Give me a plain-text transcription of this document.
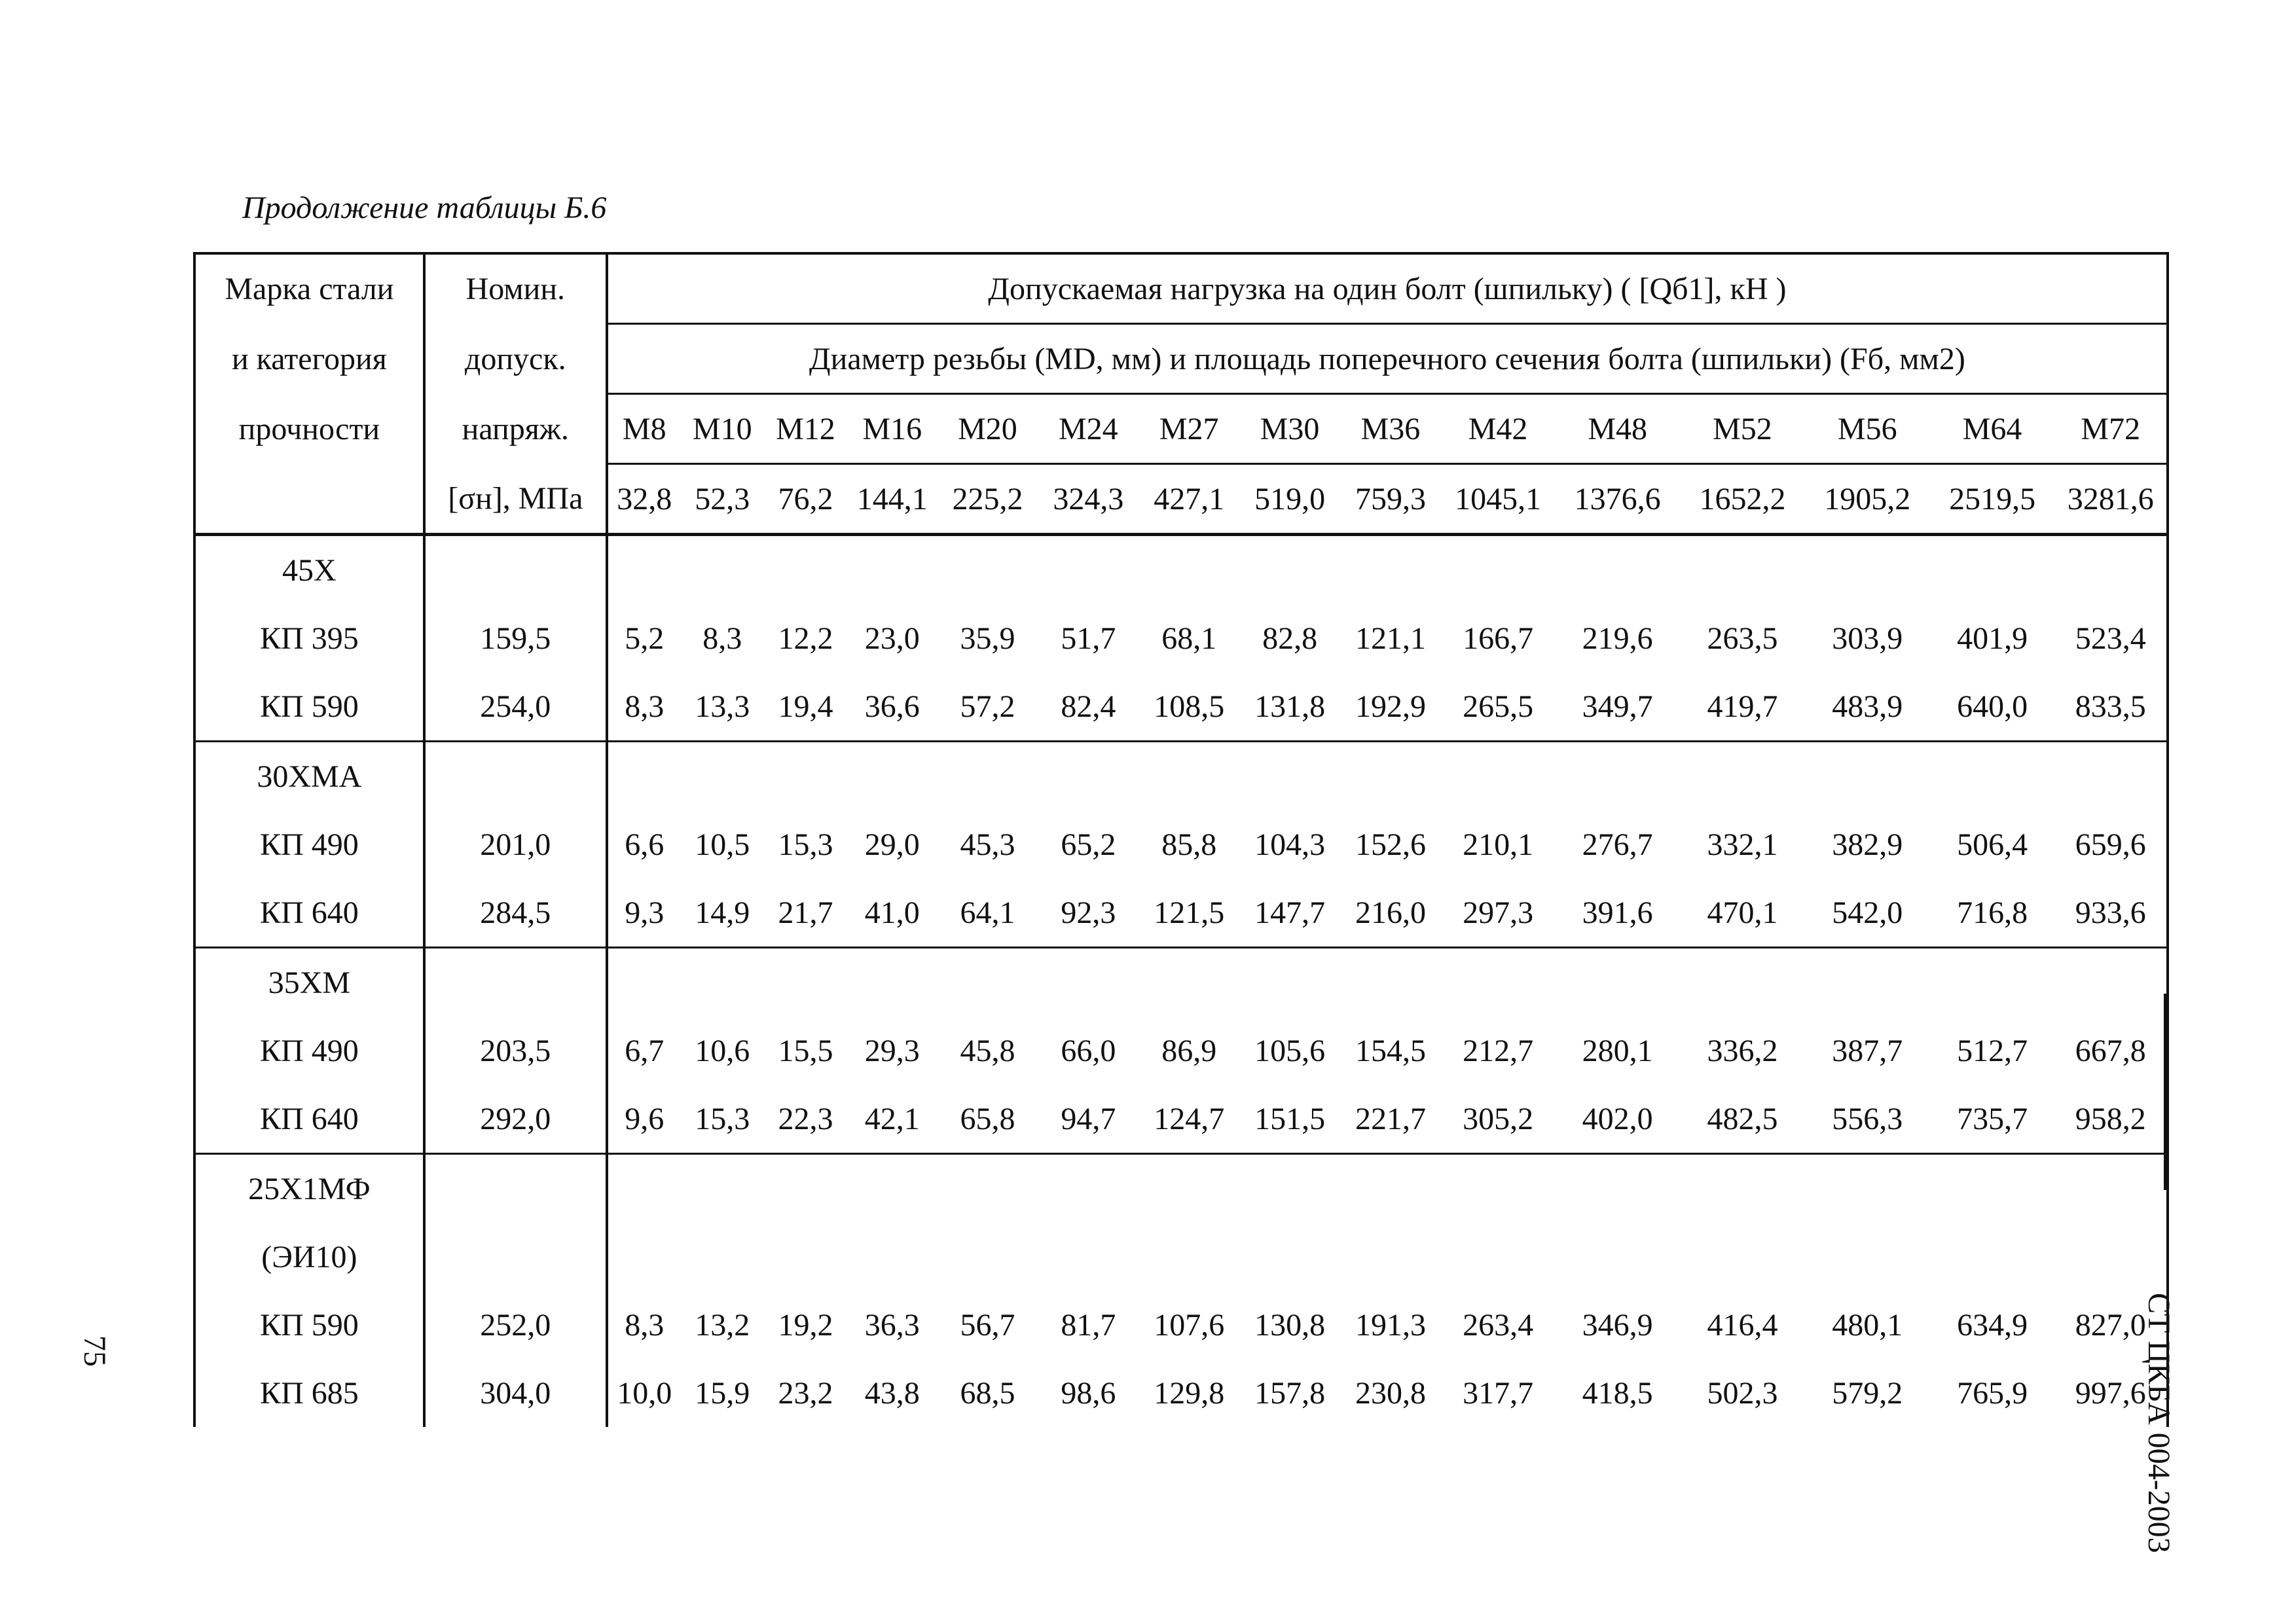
Продолжение таблицы Б.6
Марка стали	Номин.	Допускаемая нагрузка на один болт (шпильку) ( [Qб1], кН )														
и категория	допуск.	Диаметр резьбы (MD, мм) и площадь поперечного сечения болта (шпильки) (Fб, мм2)														
прочности	напряж.	M8	M10	M12	M16	M20	M24	M27	M30	M36	M42	M48	M52	M56	M64	M72
	[σн], МПа	32,8	52,3	76,2	144,1	225,2	324,3	427,1	519,0	759,3	1045,1	1376,6	1652,2	1905,2	2519,5	3281,6
45Х																
КП 395	159,5	5,2	8,3	12,2	23,0	35,9	51,7	68,1	82,8	121,1	166,7	219,6	263,5	303,9	401,9	523,4
КП 590	254,0	8,3	13,3	19,4	36,6	57,2	82,4	108,5	131,8	192,9	265,5	349,7	419,7	483,9	640,0	833,5
30ХМА																
КП 490	201,0	6,6	10,5	15,3	29,0	45,3	65,2	85,8	104,3	152,6	210,1	276,7	332,1	382,9	506,4	659,6
КП 640	284,5	9,3	14,9	21,7	41,0	64,1	92,3	121,5	147,7	216,0	297,3	391,6	470,1	542,0	716,8	933,6
35ХМ																
КП 490	203,5	6,7	10,6	15,5	29,3	45,8	66,0	86,9	105,6	154,5	212,7	280,1	336,2	387,7	512,7	667,8
КП 640	292,0	9,6	15,3	22,3	42,1	65,8	94,7	124,7	151,5	221,7	305,2	402,0	482,5	556,3	735,7	958,2
25Х1МФ																
(ЭИ10)																
КП 590	252,0	8,3	13,2	19,2	36,3	56,7	81,7	107,6	130,8	191,3	263,4	346,9	416,4	480,1	634,9	827,0
КП 685	304,0	10,0	15,9	23,2	43,8	68,5	98,6	129,8	157,8	230,8	317,7	418,5	502,3	579,2	765,9	997,6
СТ ЦКБА 004-2003
75
